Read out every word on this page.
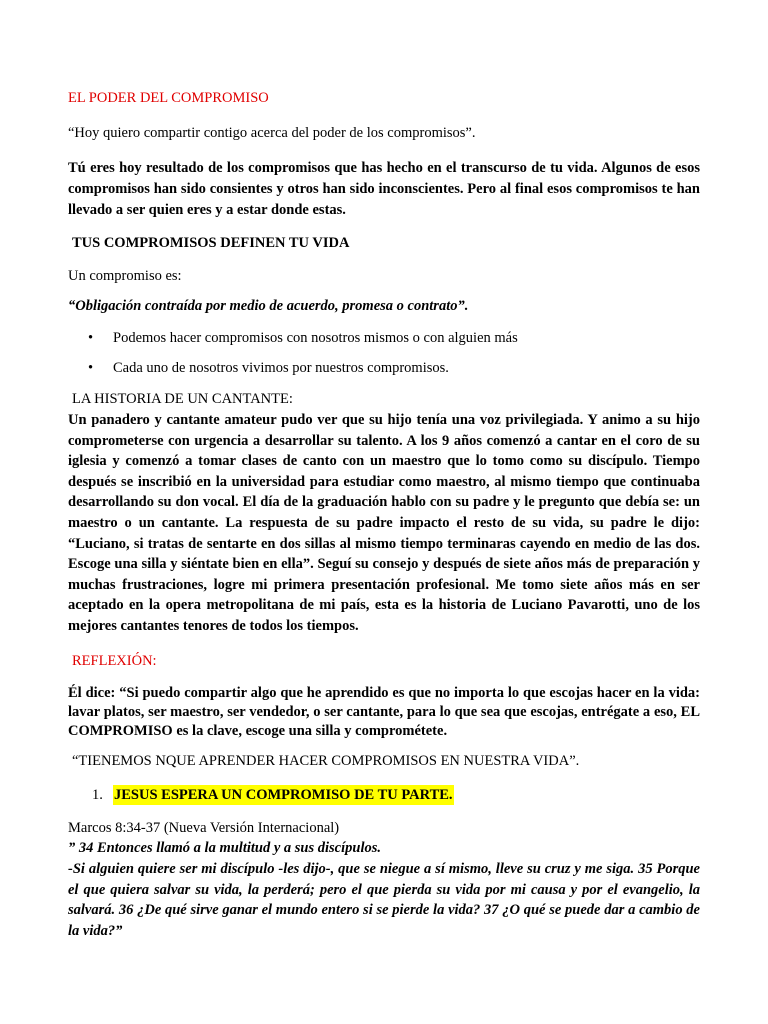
EL PODER DEL COMPROMISO

“Hoy quiero compartir contigo acerca del poder de los compromisos”.

Tú eres hoy resultado de los compromisos que has hecho en el transcurso de tu vida. Algunos de esos compromisos han sido consientes y otros han sido inconscientes. Pero al final esos compromisos te han llevado a ser quien eres y a estar donde estas.

TUS COMPROMISOS DEFINEN TU VIDA

Un compromiso es:

“Obligación contraída por medio de acuerdo, promesa o contrato”.

• Podemos hacer compromisos con nosotros mismos o con alguien más
• Cada uno de nosotros vivimos por nuestros compromisos.

LA HISTORIA DE UN CANTANTE:

Un panadero y cantante amateur pudo ver que su hijo tenía una voz privilegiada. Y animo a su hijo comprometerse con urgencia a desarrollar su talento. A los 9 años comenzó a cantar en el coro de su iglesia y comenzó a tomar clases de canto con un maestro que lo tomo como su discípulo. Tiempo después se inscribió en la universidad para estudiar como maestro, al mismo tiempo que continuaba desarrollando su don vocal. El día de la graduación hablo con su padre y le pregunto que debía se: un maestro o un cantante. La respuesta de su padre impacto el resto de su vida, su padre le dijo: “Luciano, si tratas de sentarte en dos sillas al mismo tiempo terminaras cayendo en medio de las dos. Escoge una silla y siéntate bien en ella”. Seguí su consejo y después de siete años más de preparación y muchas frustraciones, logre mi primera presentación profesional. Me tomo siete años más en ser aceptado en la opera metropolitana de mi país, esta es la historia de Luciano Pavarotti, uno de los mejores cantantes tenores de todos los tiempos.

REFLEXIÓN:

Él dice: “Si puedo compartir algo que he aprendido es que no importa lo que escojas hacer en la vida: lavar platos, ser maestro, ser vendedor, o ser cantante, para lo que sea que escojas, entrégate a eso, EL COMPROMISO es la clave, escoge una silla y comprométete.

“TIENEMOS NQUE APRENDER HACER COMPROMISOS EN NUESTRA VIDA”.

1. JESUS ESPERA UN COMPROMISO DE TU PARTE.

Marcos 8:34-37 (Nueva Versión Internacional)

” 34 Entonces llamó a la multitud y a sus discípulos.

-Si alguien quiere ser mi discípulo -les dijo-, que se niegue a sí mismo, lleve su cruz y me siga. 35 Porque el que quiera salvar su vida, la perderá; pero el que pierda su vida por mi causa y por el evangelio, la salvará. 36 ¿De qué sirve ganar el mundo entero si se pierde la vida? 37 ¿O qué se puede dar a cambio de la vida?”
